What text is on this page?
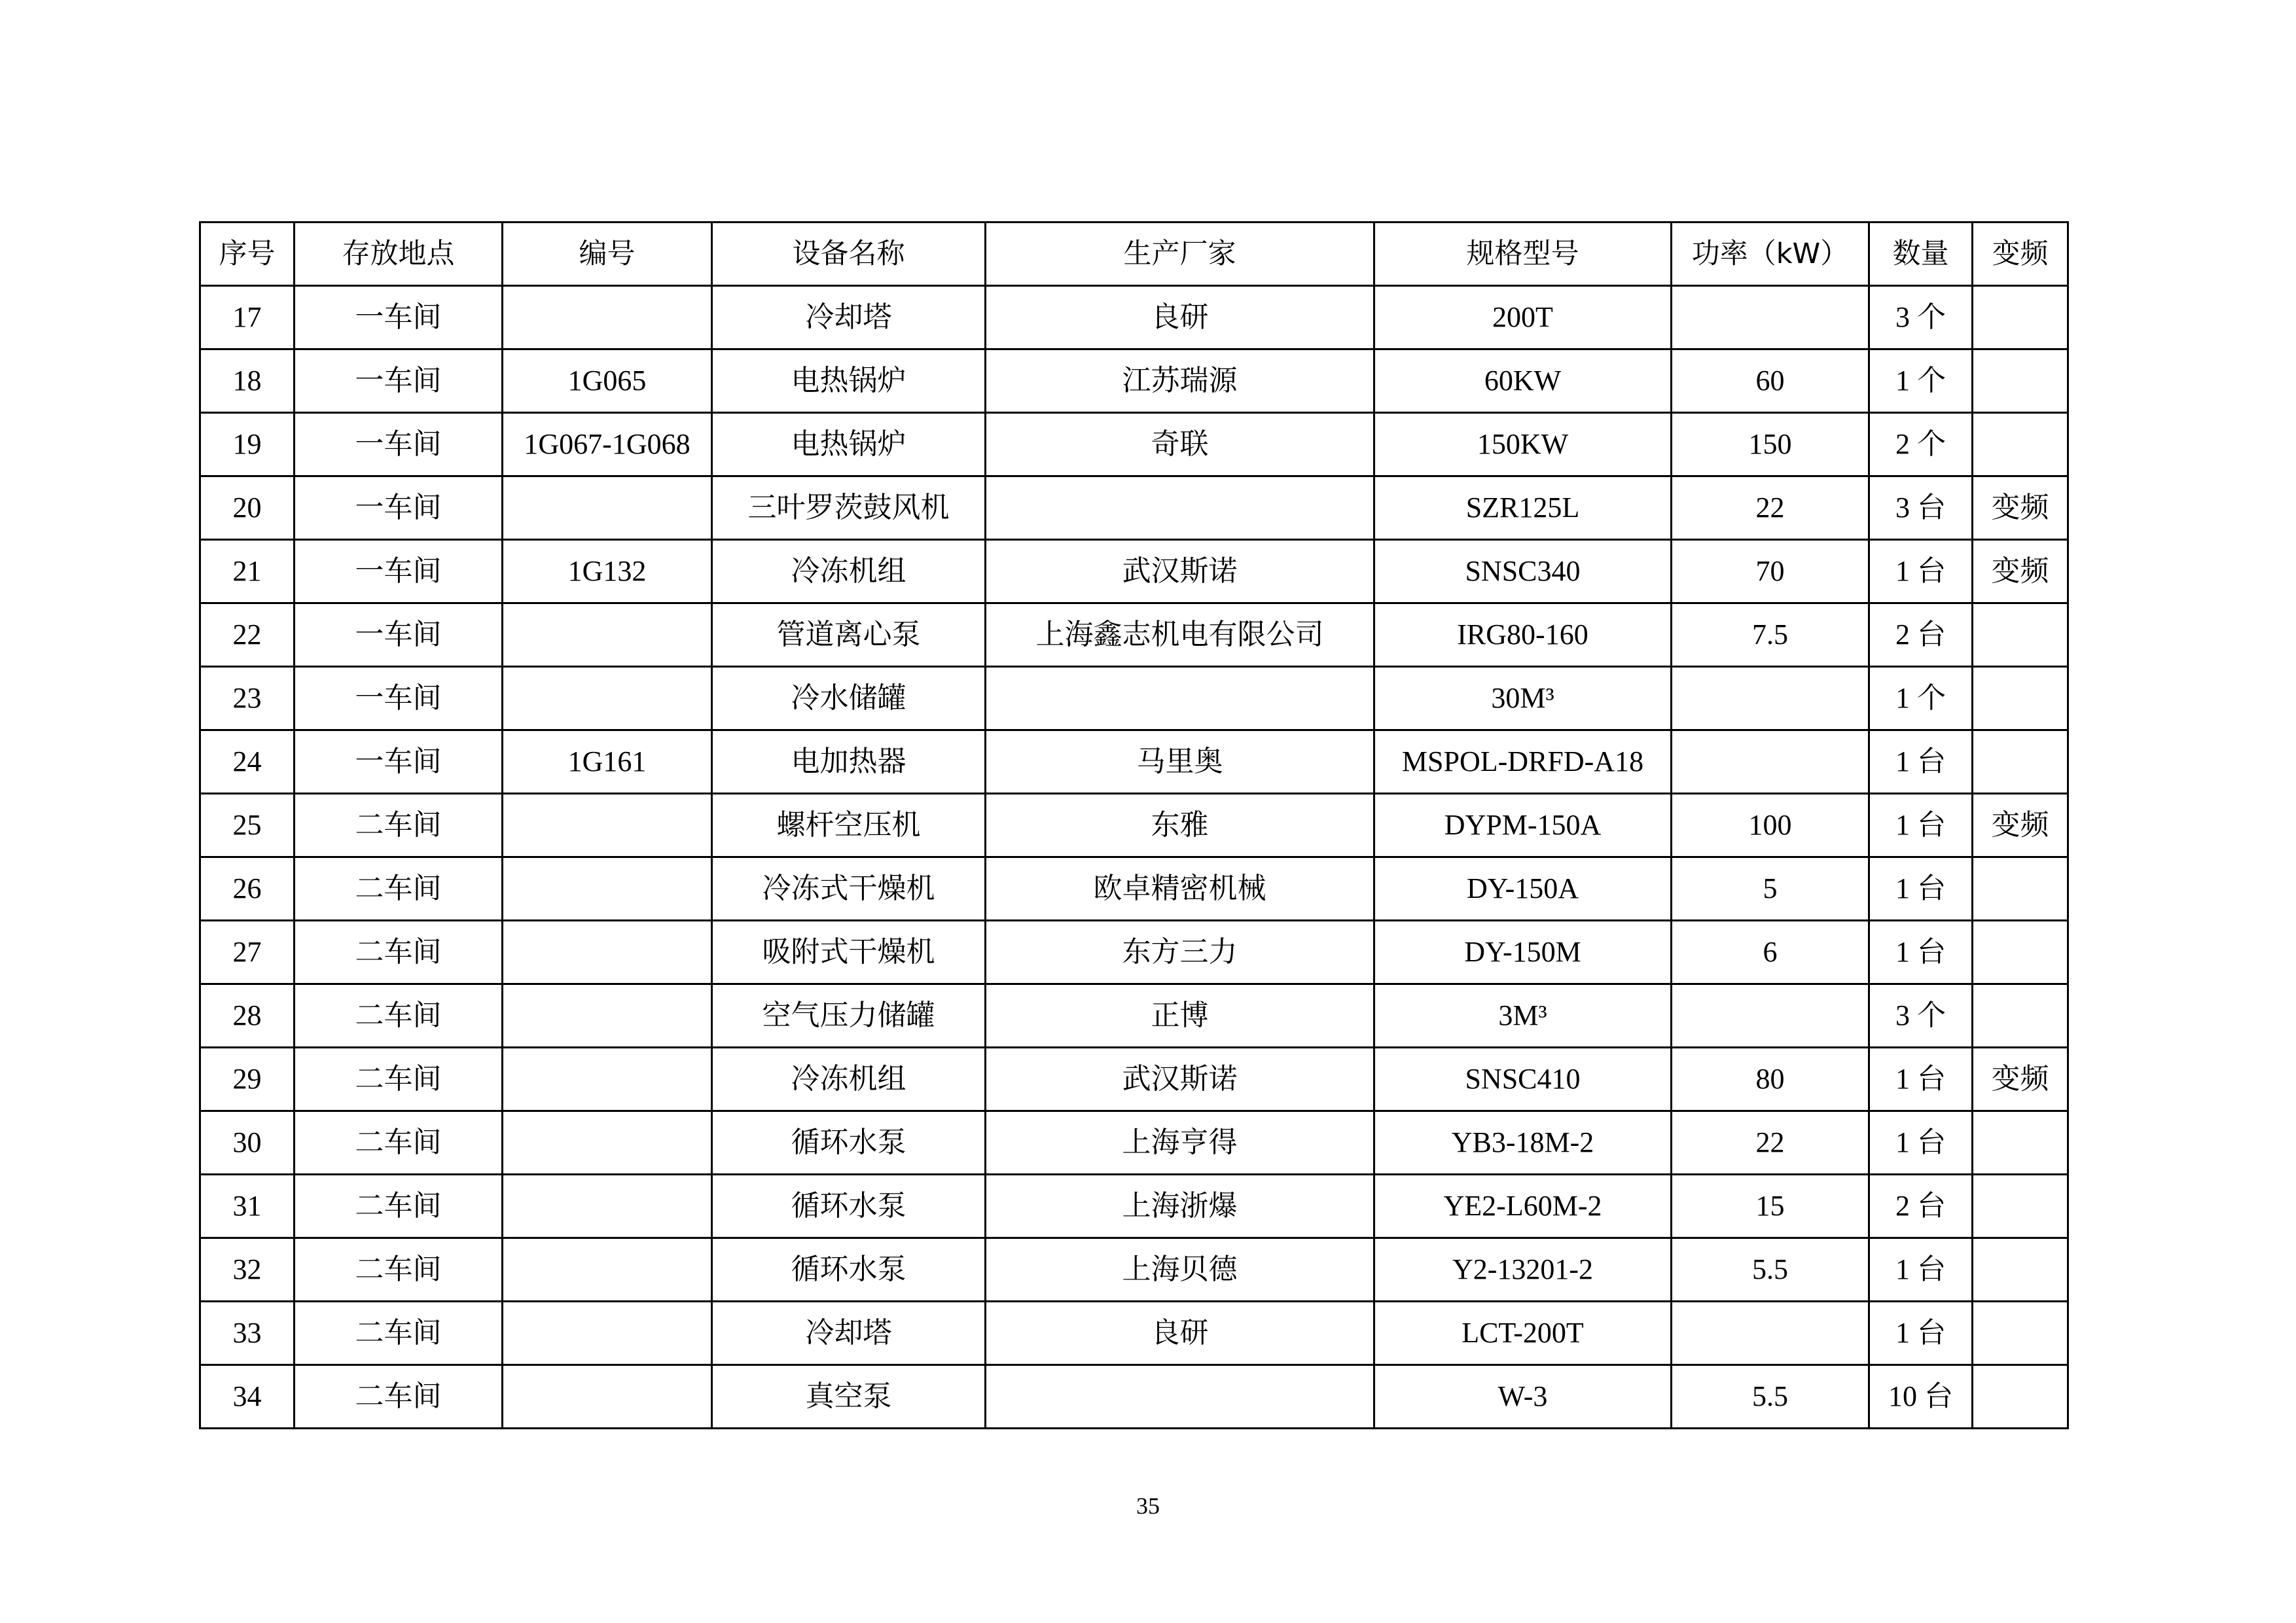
序号	存放地点	编号	设备名称	生产厂家	规格型号	功率（kW）	数量	变频
17	一车间		冷却塔	良研	200T		3 个	
18	一车间	1G065	电热锅炉	江苏瑞源	60KW	60	1 个	
19	一车间	1G067-1G068	电热锅炉	奇联	150KW	150	2 个	
20	一车间		三叶罗茨鼓风机		SZR125L	22	3 台	变频
21	一车间	1G132	冷冻机组	武汉斯诺	SNSC340	70	1 台	变频
22	一车间		管道离心泵	上海鑫志机电有限公司	IRG80-160	7.5	2 台	
23	一车间		冷水储罐		30M³		1 个	
24	一车间	1G161	电加热器	马里奥	MSPOL-DRFD-A18		1 台	
25	二车间		螺杆空压机	东雅	DYPM-150A	100	1 台	变频
26	二车间		冷冻式干燥机	欧卓精密机械	DY-150A	5	1 台	
27	二车间		吸附式干燥机	东方三力	DY-150M	6	1 台	
28	二车间		空气压力储罐	正博	3M³		3 个	
29	二车间		冷冻机组	武汉斯诺	SNSC410	80	1 台	变频
30	二车间		循环水泵	上海亨得	YB3-18M-2	22	1 台	
31	二车间		循环水泵	上海浙爆	YE2-L60M-2	15	2 台	
32	二车间		循环水泵	上海贝德	Y2-13201-2	5.5	1 台	
33	二车间		冷却塔	良研	LCT-200T		1 台	
34	二车间		真空泵		W-3	5.5	10 台	
35
